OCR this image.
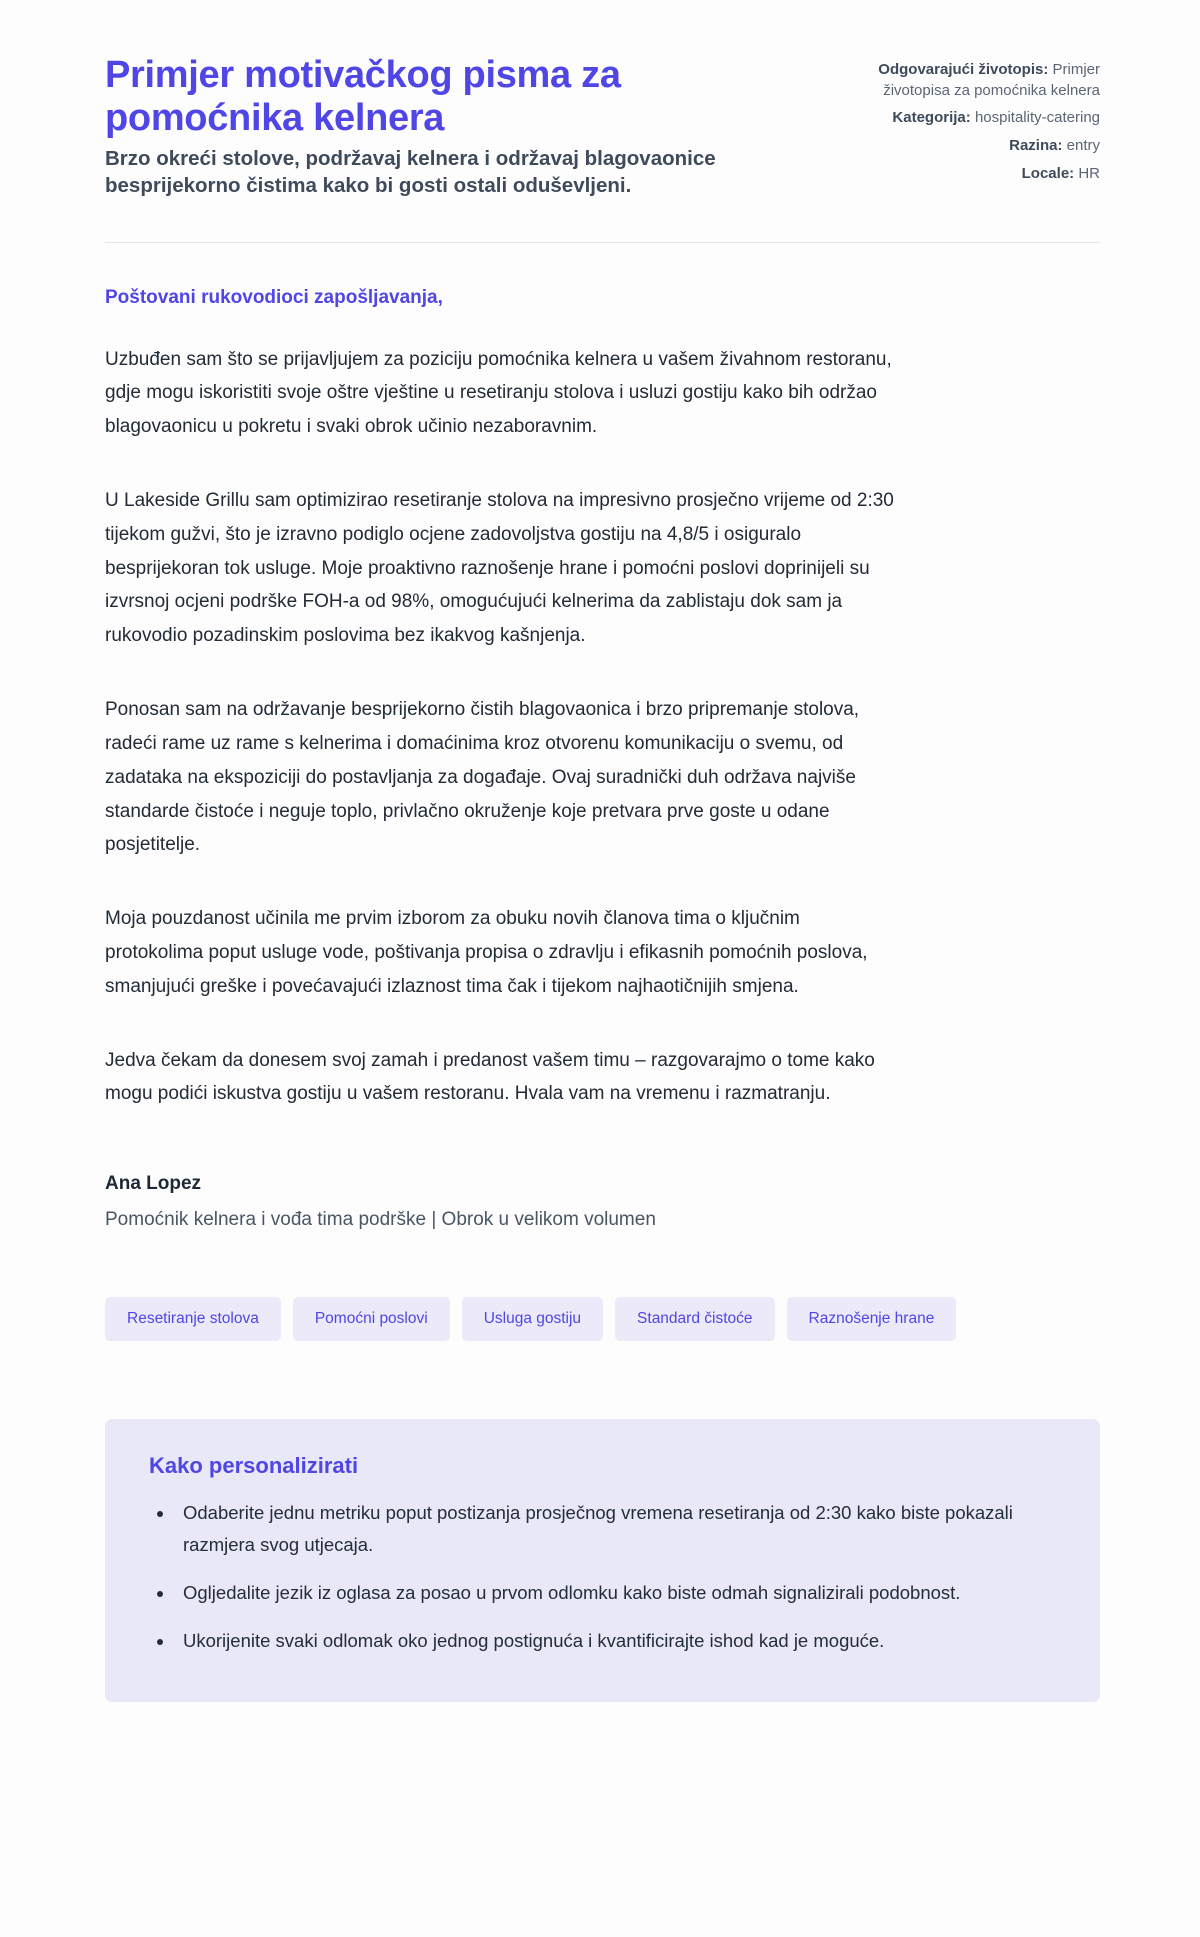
Primjer motivačkog pisma za pomoćnika kelnera

Brzo okreći stolove, podržavaj kelnera i održavaj blagovaonice besprijekorno čistima kako bi gosti ostali oduševljeni.

Odgovarajući životopis: Primjer životopisa za pomoćnika kelnera
Kategorija: hospitality-catering
Razina: entry
Locale: HR

Poštovani rukovodioci zapošljavanja,

Uzbuđen sam što se prijavljujem za poziciju pomoćnika kelnera u vašem živahnom restoranu, gdje mogu iskoristiti svoje oštre vještine u resetiranju stolova i usluzi gostiju kako bih održao blagovaonicu u pokretu i svaki obrok učinio nezaboravnim.

U Lakeside Grillu sam optimizirao resetiranje stolova na impresivno prosječno vrijeme od 2:30 tijekom gužvi, što je izravno podiglo ocjene zadovoljstva gostiju na 4,8/5 i osiguralo besprijekoran tok usluge. Moje proaktivno raznošenje hrane i pomoćni poslovi doprinijeli su izvrsnoj ocjeni podrške FOH-a od 98%, omogućujući kelnerima da zablistaju dok sam ja rukovodio pozadinskim poslovima bez ikakvog kašnjenja.

Ponosan sam na održavanje besprijekorno čistih blagovaonica i brzo pripremanje stolova, radeći rame uz rame s kelnerima i domaćinima kroz otvorenu komunikaciju o svemu, od zadataka na ekspoziciji do postavljanja za događaje. Ovaj suradnički duh održava najviše standarde čistoće i neguje toplo, privlačno okruženje koje pretvara prve goste u odane posjetitelje.

Moja pouzdanost učinila me prvim izborom za obuku novih članova tima o ključnim protokolima poput usluge vode, poštivanja propisa o zdravlju i efikasnih pomoćnih poslova, smanjujući greške i povećavajući izlaznost tima čak i tijekom najhaotičnijih smjena.

Jedva čekam da donesem svoj zamah i predanost vašem timu – razgovarajmo o tome kako mogu podići iskustva gostiju u vašem restoranu. Hvala vam na vremenu i razmatranju.

Ana Lopez

Pomoćnik kelnera i vođa tima podrške | Obrok u velikom volumen

Resetiranje stolova	Pomoćni poslovi	Usluga gostiju	Standard čistoće	Raznošenje hrane
Kako personalizirati
• Odaberite jednu metriku poput postizanja prosječnog vremena resetiranja od 2:30 kako biste pokazali razmjera svog utjecaja.
• Ogljedalite jezik iz oglasa za posao u prvom odlomku kako biste odmah signalizirali podobnost.
• Ukorijenite svaki odlomak oko jednog postignuća i kvantificirajte ishod kad je moguće.
